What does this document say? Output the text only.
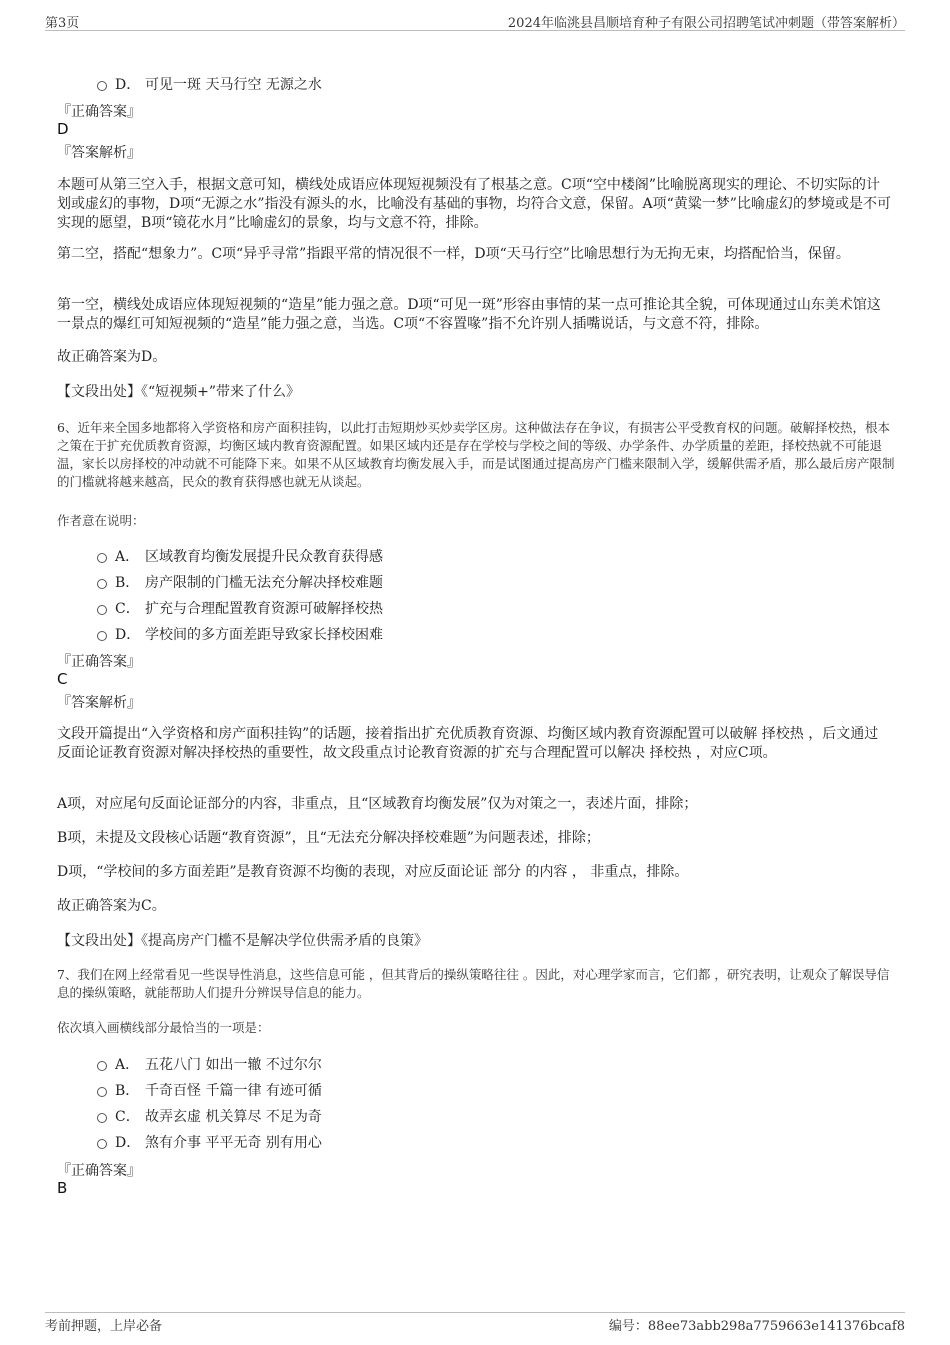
第3页	2024年临洮县昌顺培育种子有限公司招聘笔试冲刺题（带答案解析）
D． 可见一斑 天马行空 无源之水
『正确答案』
D
『答案解析』
本题可从第三空入手，根据文意可知，横线处成语应体现短视频没有了根基之意。C项“空中楼阁”比喻脱离现实的理论、不切实际的计划或虚幻的事物，D项“无源之水”指没有源头的水，比喻没有基础的事物，均符合文意，保留。A项“黄粱一梦”比喻虚幻的梦境或是不可实现的愿望，B项“镜花水月”比喻虚幻的景象，均与文意不符，排除。
第二空，搭配“想象力”。C项“异乎寻常”指跟平常的情况很不一样，D项“天马行空”比喻思想行为无拘无束，均搭配恰当，保留。
第一空，横线处成语应体现短视频的“造星”能力强之意。D项“可见一斑”形容由事情的某一点可推论其全貌，可体现通过山东美术馆这一景点的爆红可知短视频的“造星”能力强之意，当选。C项“不容置喙”指不允许别人插嘴说话，与文意不符，排除。
故正确答案为D。
【文段出处】《“短视频+”带来了什么》
6、近年来全国多地都将入学资格和房产面积挂钩，以此打击短期炒买炒卖学区房。这种做法存在争议，有损害公平受教育权的问题。破解择校热，根本之策在于扩充优质教育资源，均衡区域内教育资源配置。如果区域内还是存在学校与学校之间的等级、办学条件、办学质量的差距，择校热就不可能退温，家长以房择校的冲动就不可能降下来。如果不从区域教育均衡发展入手，而是试图通过提高房产门槛来限制入学，缓解供需矛盾，那么最后房产限制的门槛就将越来越高，民众的教育获得感也就无从谈起。
作者意在说明：
A． 区域教育均衡发展提升民众教育获得感
B． 房产限制的门槛无法充分解决择校难题
C． 扩充与合理配置教育资源可破解择校热
D． 学校间的多方面差距导致家长择校困难
『正确答案』
C
『答案解析』
文段开篇提出“入学资格和房产面积挂钩”的话题，接着指出扩充优质教育资源、均衡区域内教育资源配置可以破解 择校热 ，后文通过反面论证教育资源对解决择校热的重要性，故文段重点讨论教育资源的扩充与合理配置可以解决 择校热 ，对应C项。
A项，对应尾句反面论证部分的内容，非重点，且“区域教育均衡发展”仅为对策之一，表述片面，排除；
B项，未提及文段核心话题“教育资源”，且“无法充分解决择校难题”为问题表述，排除；
D项，“学校间的多方面差距”是教育资源不均衡的表现，对应反面论证 部分 的内容 ， 非重点，排除。
故正确答案为C。
【文段出处】《提高房产门槛不是解决学位供需矛盾的良策》
7、我们在网上经常看见一些误导性消息，这些信息可能 ，但其背后的操纵策略往往 。因此，对心理学家而言，它们都 ，研究表明，让观众了解误导信息的操纵策略，就能帮助人们提升分辨误导信息的能力。
依次填入画横线部分最恰当的一项是：
A． 五花八门 如出一辙 不过尔尔
B． 千奇百怪 千篇一律 有迹可循
C． 故弄玄虚 机关算尽 不足为奇
D． 煞有介事 平平无奇 别有用心
『正确答案』
B
考前押题，上岸必备	编号：88ee73abb298a7759663e141376bcaf8
